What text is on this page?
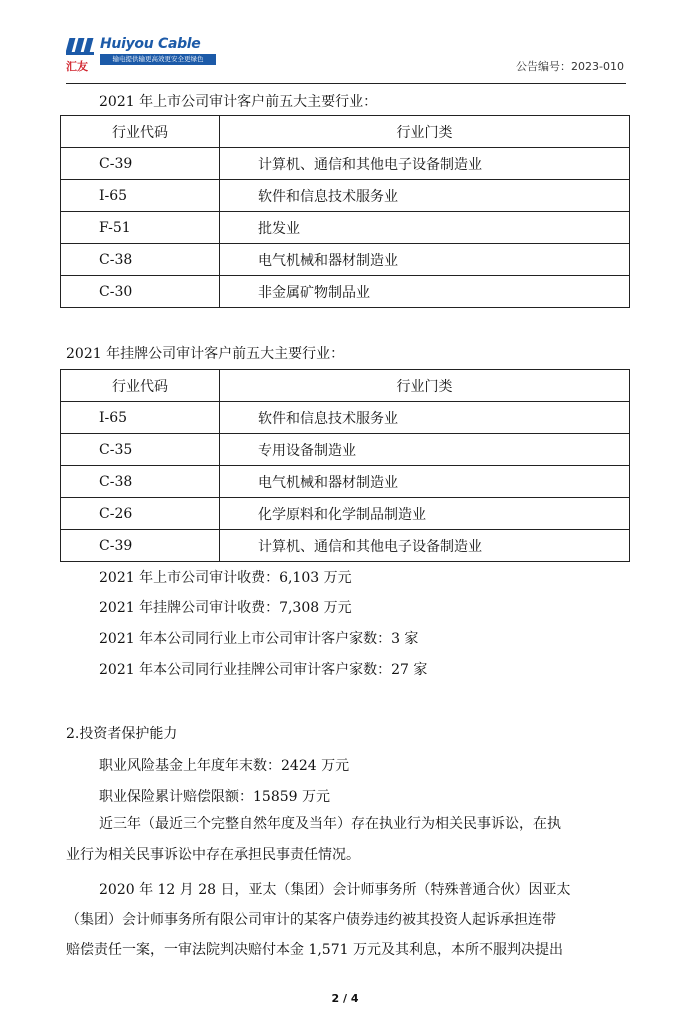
汇友
Huiyou Cable
输电提供输更高效更安全更绿色
公告编号：2023-010
2021 年上市公司审计客户前五大主要行业：
行业代码	行业门类
C-39	计算机、通信和其他电子设备制造业
I-65	软件和信息技术服务业
F-51	批发业
C-38	电气机械和器材制造业
C-30	非金属矿物制品业
2021 年挂牌公司审计客户前五大主要行业：
行业代码	行业门类
I-65	软件和信息技术服务业
C-35	专用设备制造业
C-38	电气机械和器材制造业
C-26	化学原料和化学制品制造业
C-39	计算机、通信和其他电子设备制造业
2021 年上市公司审计收费：6,103 万元
2021 年挂牌公司审计收费：7,308 万元
2021 年本公司同行业上市公司审计客户家数：3 家
2021 年本公司同行业挂牌公司审计客户家数：27 家
2.投资者保护能力
职业风险基金上年度年末数：2424 万元
职业保险累计赔偿限额：15859 万元
近三年（最近三个完整自然年度及当年）存在执业行为相关民事诉讼，在执
业行为相关民事诉讼中存在承担民事责任情况。
2020 年 12 月 28 日，亚太（集团）会计师事务所（特殊普通合伙）因亚太
（集团）会计师事务所有限公司审计的某客户债券违约被其投资人起诉承担连带
赔偿责任一案，一审法院判决赔付本金 1,571 万元及其利息，本所不服判决提出
2 / 4
